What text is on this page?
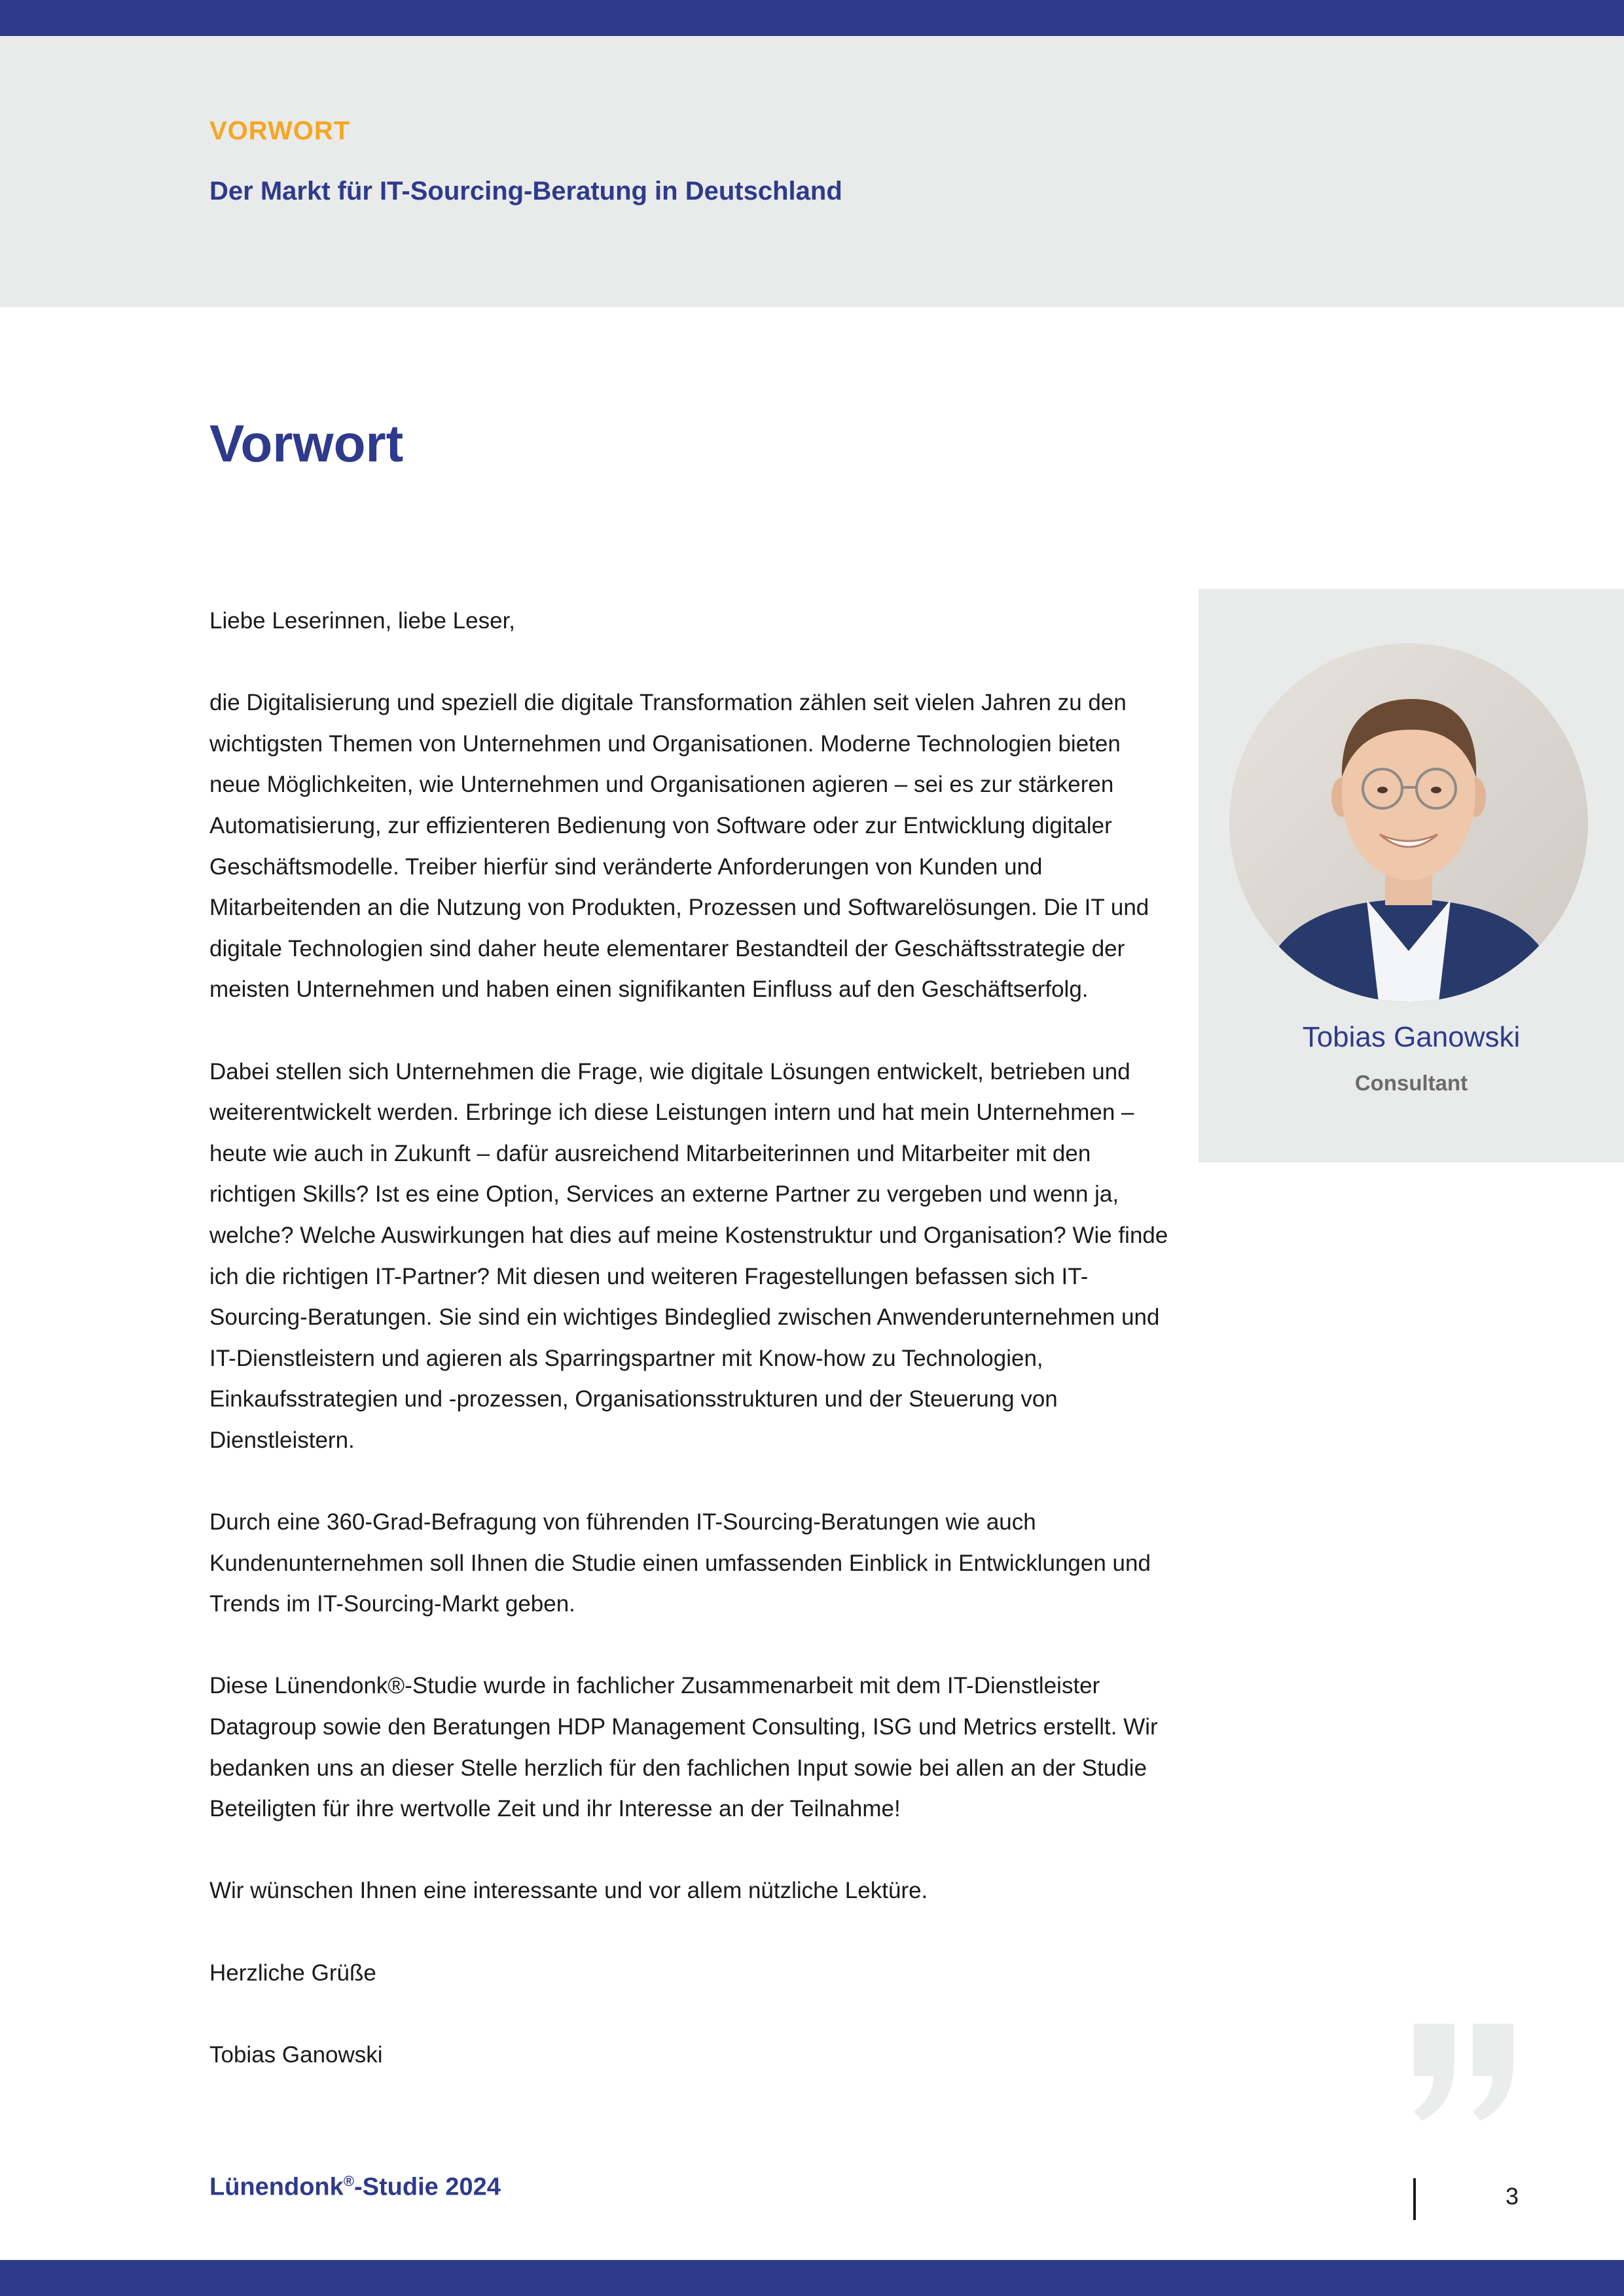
VORWORT
Der Markt für IT-Sourcing-Beratung in Deutschland
Vorwort

Liebe Leserinnen, liebe Leser,

die Digitalisierung und speziell die digitale Transformation zählen seit vielen Jahren zu den wichtigsten Themen von Unternehmen und Organisationen. Moderne Technologien bieten neue Möglichkeiten, wie Unternehmen und Organisationen agieren – sei es zur stärkeren Automatisierung, zur effizienteren Bedienung von Software oder zur Entwicklung digitaler Geschäftsmodelle. Treiber hierfür sind veränderte Anforderungen von Kunden und Mitarbeitenden an die Nutzung von Produkten, Prozessen und Softwarelösungen. Die IT und digitale Technologien sind daher heute elementarer Bestandteil der Geschäftsstrategie der meisten Unternehmen und haben einen signifikanten Einfluss auf den Geschäftserfolg.

Dabei stellen sich Unternehmen die Frage, wie digitale Lösungen entwickelt, betrieben und weiterentwickelt werden. Erbringe ich diese Leistungen intern und hat mein Unternehmen – heute wie auch in Zukunft – dafür ausreichend Mitarbeiterinnen und Mitarbeiter mit den richtigen Skills? Ist es eine Option, Services an externe Partner zu vergeben und wenn ja, welche? Welche Auswirkungen hat dies auf meine Kostenstruktur und Organisation? Wie finde ich die richtigen IT-Partner? Mit diesen und weiteren Fragestellungen befassen sich IT-Sourcing-Beratungen. Sie sind ein wichtiges Bindeglied zwischen Anwenderunternehmen und IT-Dienstleistern und agieren als Sparringspartner mit Know-how zu Technologien, Einkaufsstrategien und -prozessen, Organisationsstrukturen und der Steuerung von Dienstleistern.

Durch eine 360-Grad-Befragung von führenden IT-Sourcing-Beratungen wie auch Kundenunternehmen soll Ihnen die Studie einen umfassenden Einblick in Entwicklungen und Trends im IT-Sourcing-Markt geben.

Diese Lünendonk®-Studie wurde in fachlicher Zusammenarbeit mit dem IT-Dienstleister Datagroup sowie den Beratungen HDP Management Consulting, ISG und Metrics erstellt. Wir bedanken uns an dieser Stelle herzlich für den fachlichen Input sowie bei allen an der Studie Beteiligten für ihre wertvolle Zeit und ihr Interesse an der Teilnahme!

Wir wünschen Ihnen eine interessante und vor allem nützliche Lektüre.

Herzliche Grüße

Tobias Ganowski

Tobias Ganowski
Consultant
Lünendonk®-Studie 2024	3
